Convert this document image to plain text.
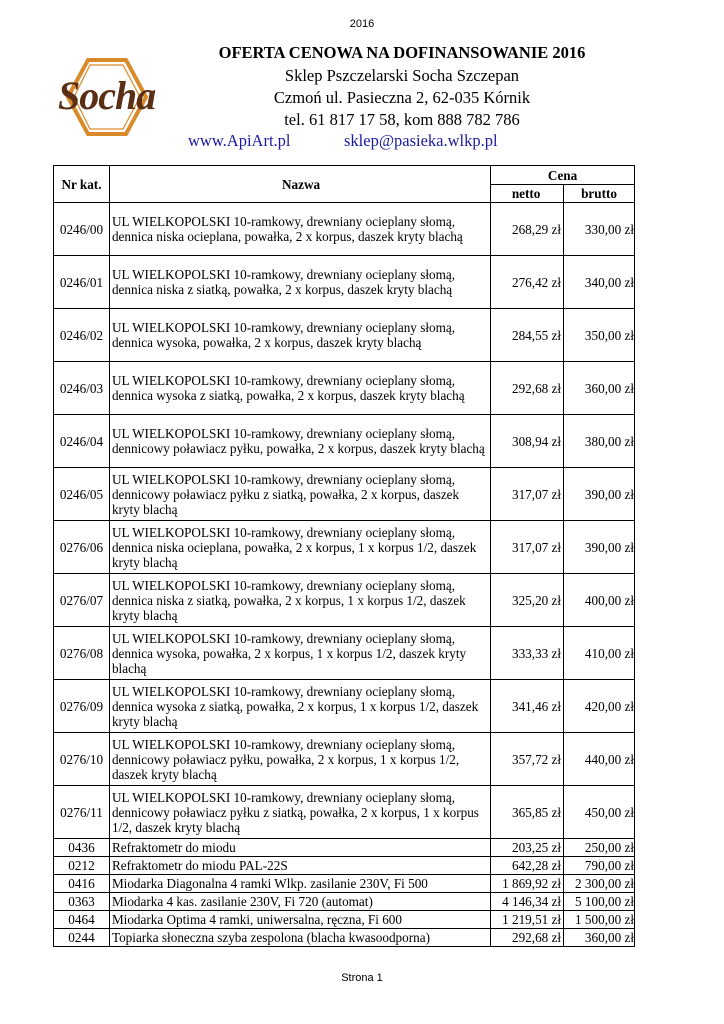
2016
Socha
OFERTA CENOWA NA DOFINANSOWANIE 2016
Sklep Pszczelarski Socha Szczepan
Czmoń ul. Pasieczna 2, 62-035 Kórnik
tel. 61 817 17 58, kom 888 782 786
www.ApiArt.pl	sklep@pasieka.wlkp.pl
Nr kat.	Nazwa	Cena	
		netto	brutto
0246/00	UL WIELKOPOLSKI 10-ramkowy, drewniany ocieplany słomą, dennica niska ocieplana, powałka, 2 x korpus, daszek kryty blachą	268,29 zł	330,00 zł
0246/01	UL WIELKOPOLSKI 10-ramkowy, drewniany ocieplany słomą, dennica niska z siatką, powałka, 2 x korpus, daszek kryty blachą	276,42 zł	340,00 zł
0246/02	UL WIELKOPOLSKI 10-ramkowy, drewniany ocieplany słomą, dennica wysoka, powałka, 2 x korpus, daszek kryty blachą	284,55 zł	350,00 zł
0246/03	UL WIELKOPOLSKI 10-ramkowy, drewniany ocieplany słomą, dennica wysoka z siatką, powałka, 2 x korpus, daszek kryty blachą	292,68 zł	360,00 zł
0246/04	UL WIELKOPOLSKI 10-ramkowy, drewniany ocieplany słomą, dennicowy poławiacz pyłku, powałka, 2 x korpus, daszek kryty blachą	308,94 zł	380,00 zł
0246/05	UL WIELKOPOLSKI 10-ramkowy, drewniany ocieplany słomą, dennicowy poławiacz pyłku z siatką, powałka, 2 x korpus, daszek kryty blachą	317,07 zł	390,00 zł
0276/06	UL WIELKOPOLSKI 10-ramkowy, drewniany ocieplany słomą, dennica niska ocieplana, powałka, 2 x korpus, 1 x korpus 1/2, daszek kryty blachą	317,07 zł	390,00 zł
0276/07	UL WIELKOPOLSKI 10-ramkowy, drewniany ocieplany słomą, dennica niska z siatką, powałka, 2 x korpus, 1 x korpus 1/2, daszek kryty blachą	325,20 zł	400,00 zł
0276/08	UL WIELKOPOLSKI 10-ramkowy, drewniany ocieplany słomą, dennica wysoka, powałka, 2 x korpus, 1 x korpus 1/2, daszek kryty blachą	333,33 zł	410,00 zł
0276/09	UL WIELKOPOLSKI 10-ramkowy, drewniany ocieplany słomą, dennica wysoka z siatką, powałka, 2 x korpus, 1 x korpus 1/2, daszek kryty blachą	341,46 zł	420,00 zł
0276/10	UL WIELKOPOLSKI 10-ramkowy, drewniany ocieplany słomą, dennicowy poławiacz pyłku, powałka, 2 x korpus, 1 x korpus 1/2, daszek kryty blachą	357,72 zł	440,00 zł
0276/11	UL WIELKOPOLSKI 10-ramkowy, drewniany ocieplany słomą, dennicowy poławiacz pyłku z siatką, powałka, 2 x korpus, 1 x korpus 1/2, daszek kryty blachą	365,85 zł	450,00 zł
0436	Refraktometr do miodu	203,25 zł	250,00 zł
0212	Refraktometr do miodu PAL-22S	642,28 zł	790,00 zł
0416	Miodarka Diagonalna 4 ramki Wlkp. zasilanie 230V, Fi 500	1 869,92 zł	2 300,00 zł
0363	Miodarka 4 kas. zasilanie 230V, Fi 720 (automat)	4 146,34 zł	5 100,00 zł
0464	Miodarka Optima 4 ramki, uniwersalna, ręczna, Fi 600	1 219,51 zł	1 500,00 zł
0244	Topiarka słoneczna szyba zespolona (blacha kwasoodporna)	292,68 zł	360,00 zł
Strona 1
